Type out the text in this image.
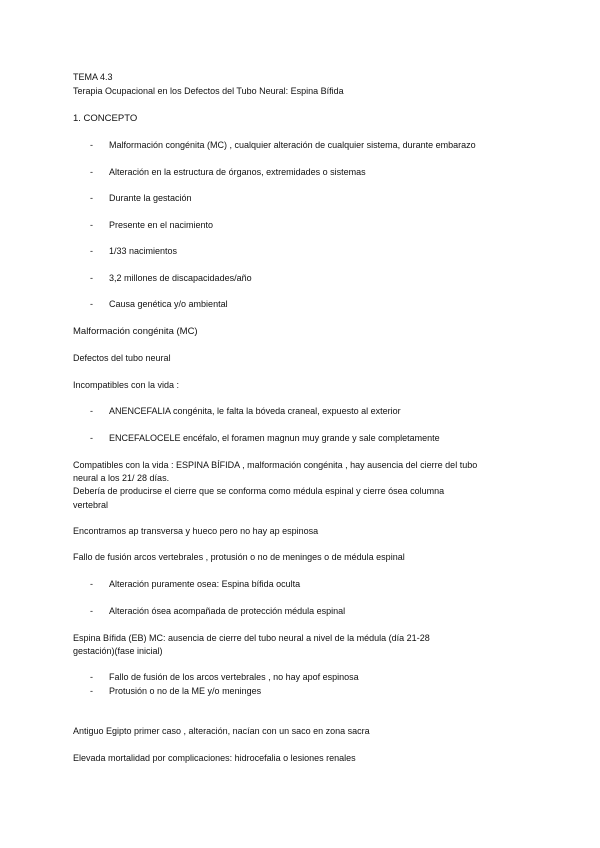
TEMA 4.3
Terapia Ocupacional en los Defectos del Tubo Neural: Espina Bífida
1. CONCEPTO
- Malformación congénita (MC) , cualquier alteración de cualquier sistema, durante embarazo
- Alteración en la estructura de órganos, extremidades o sistemas
- Durante la gestación
- Presente en el nacimiento
- 1/33 nacimientos
- 3,2 millones de discapacidades/año
- Causa genética y/o ambiental
Malformación congénita (MC)
Defectos del tubo neural
Incompatibles con la vida :
- ANENCEFALIA congénita, le falta la bóveda craneal, expuesto al exterior
- ENCEFALOCELE encéfalo, el foramen magnun muy grande y sale completamente
Compatibles con la vida : ESPINA BÍFIDA , malformación congénita , hay ausencia del cierre del tubo
neural a los 21/ 28 días.
Debería de producirse el cierre que se conforma como médula espinal y cierre ósea columna
vertebral
Encontramos ap transversa y hueco pero no hay ap espinosa
Fallo de fusión arcos vertebrales , protusión o no de meninges o de médula espinal
- Alteración puramente osea: Espina bífida oculta
- Alteración ósea acompañada de protección médula espinal
Espina Bífida (EB) MC: ausencia de cierre del tubo neural a nivel de la médula (día 21-28
gestación)(fase inicial)
- Fallo de fusión de los arcos vertebrales , no hay apof espinosa
- Protusión o no de la ME y/o meninges
Antiguo Egipto primer caso , alteración, nacían con un saco en zona sacra
Elevada mortalidad por complicaciones: hidrocefalia o lesiones renales
